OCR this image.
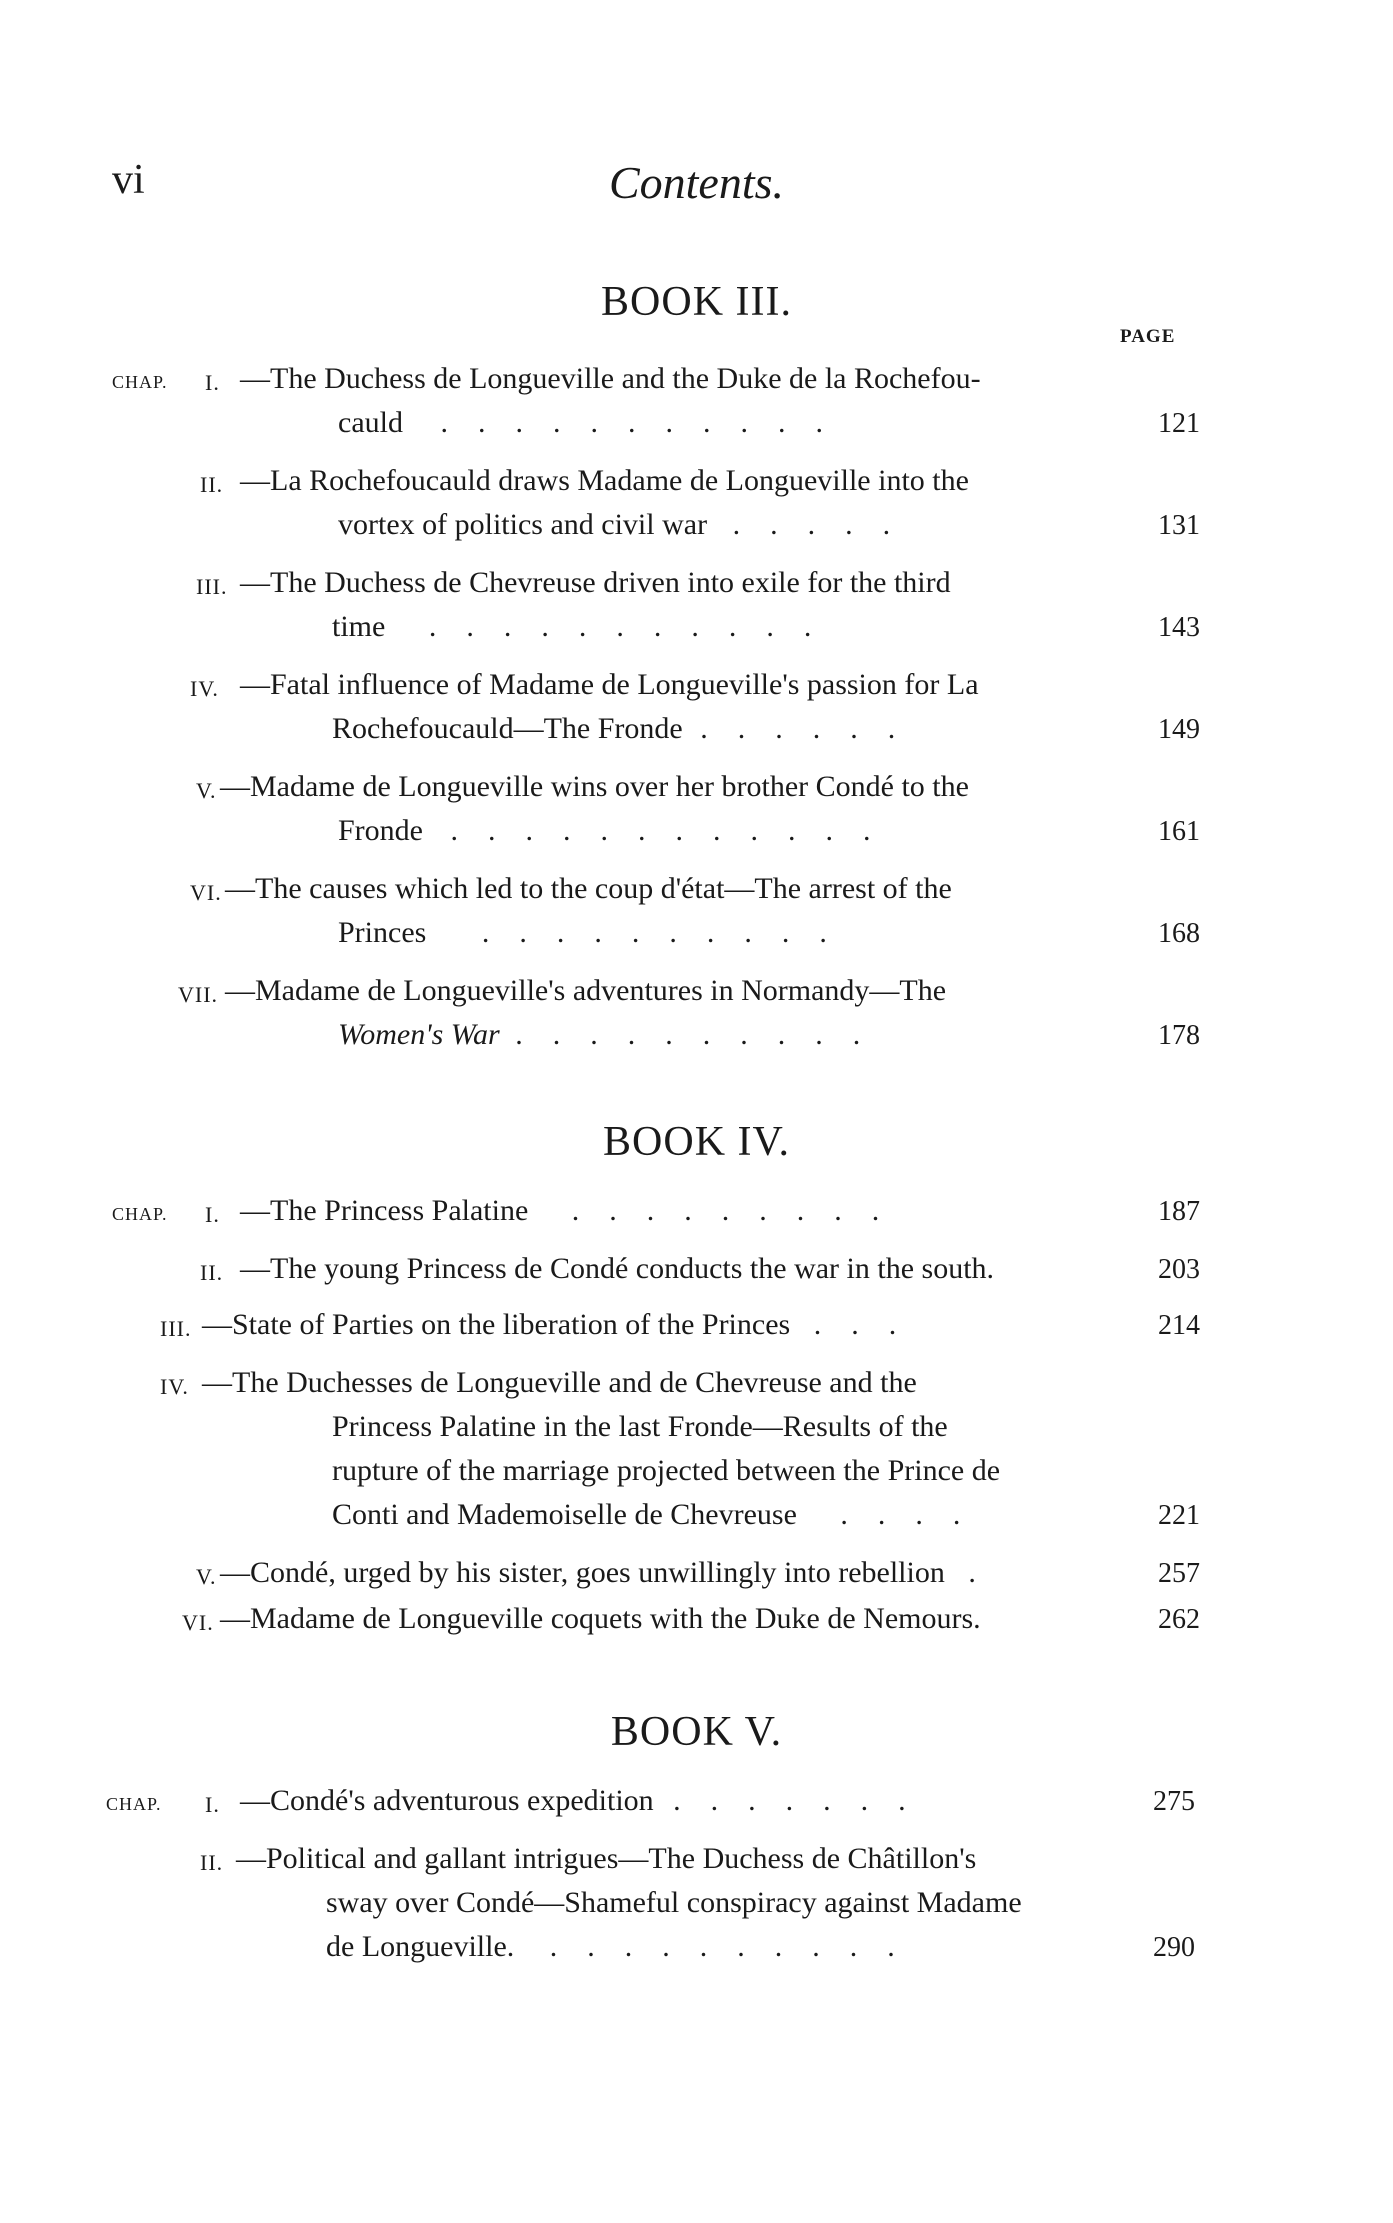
vi	Contents.
BOOK III.
PAGE
CHAP. I. —The Duchess de Longueville and the Duke de la Rochefou-
cauld ...........	121
II. —La Rochefoucauld draws Madame de Longueville into the
vortex of politics and civil war .....	131
III. —The Duchess de Chevreuse driven into exile for the third
time ...........	143
IV. —Fatal influence of Madame de Longueville's passion for La
Rochefoucauld—The Fronde ......	149
V. —Madame de Longueville wins over her brother Condé to the
Fronde ............	161
VI. —The causes which led to the coup d'état—The arrest of the
Princes ..........	168
VII. —Madame de Longueville's adventures in Normandy—The
Women's War ..........	178
BOOK IV.
CHAP. I. —The Princess Palatine .........	187
II. —The young Princess de Condé conducts the war in the south.	203
III. —State of Parties on the liberation of the Princes ...	214
IV. —The Duchesses de Longueville and de Chevreuse and the
Princess Palatine in the last Fronde—Results of the
rupture of the marriage projected between the Prince de
Conti and Mademoiselle de Chevreuse ....	221
V. —Condé, urged by his sister, goes unwillingly into rebellion .	257
VI. —Madame de Longueville coquets with the Duke de Nemours.	262
BOOK V.
CHAP. I. —Condé's adventurous expedition .......	275
II. —Political and gallant intrigues—The Duchess de Châtillon's
sway over Condé—Shameful conspiracy against Madame
de Longueville. ..........	290
